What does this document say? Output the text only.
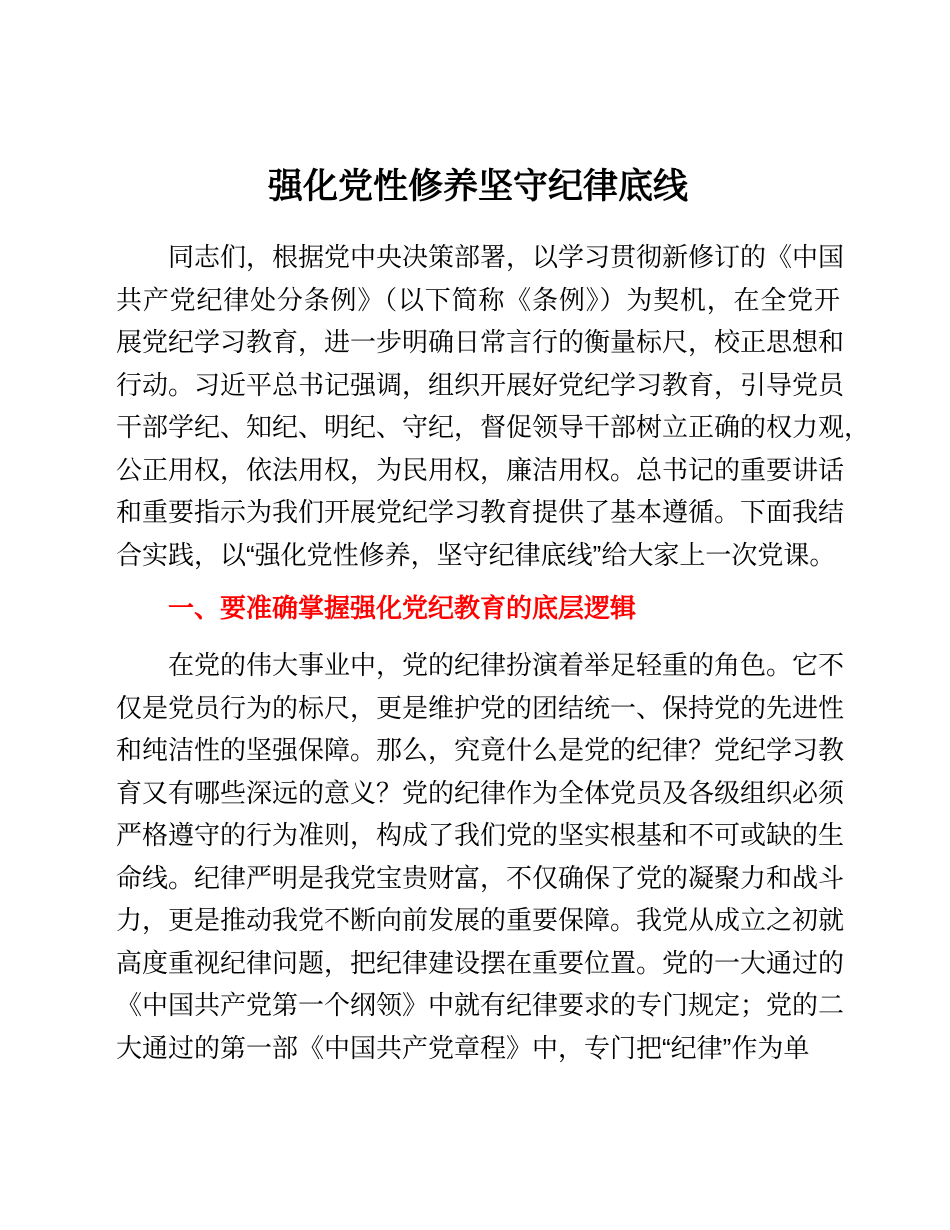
强化党性修养坚守纪律底线
同志们，根据党中央决策部署，以学习贯彻新修订的《中国
共产党纪律处分条例》（以下简称《条例》）为契机，在全党开
展党纪学习教育，进一步明确日常言行的衡量标尺，校正思想和
行动。习近平总书记强调，组织开展好党纪学习教育，引导党员
干部学纪、知纪、明纪、守纪，督促领导干部树立正确的权力观，
公正用权，依法用权，为民用权，廉洁用权。总书记的重要讲话
和重要指示为我们开展党纪学习教育提供了基本遵循。下面我结
合实践，以“强化党性修养，坚守纪律底线”给大家上一次党课。
一、要准确掌握强化党纪教育的底层逻辑
在党的伟大事业中，党的纪律扮演着举足轻重的角色。它不
仅是党员行为的标尺，更是维护党的团结统一、保持党的先进性
和纯洁性的坚强保障。那么，究竟什么是党的纪律？党纪学习教
育又有哪些深远的意义？党的纪律作为全体党员及各级组织必须
严格遵守的行为准则，构成了我们党的坚实根基和不可或缺的生
命线。纪律严明是我党宝贵财富，不仅确保了党的凝聚力和战斗
力，更是推动我党不断向前发展的重要保障。我党从成立之初就
高度重视纪律问题，把纪律建设摆在重要位置。党的一大通过的
《中国共产党第一个纲领》中就有纪律要求的专门规定；党的二
大通过的第一部《中国共产党章程》中，专门把“纪律”作为单
